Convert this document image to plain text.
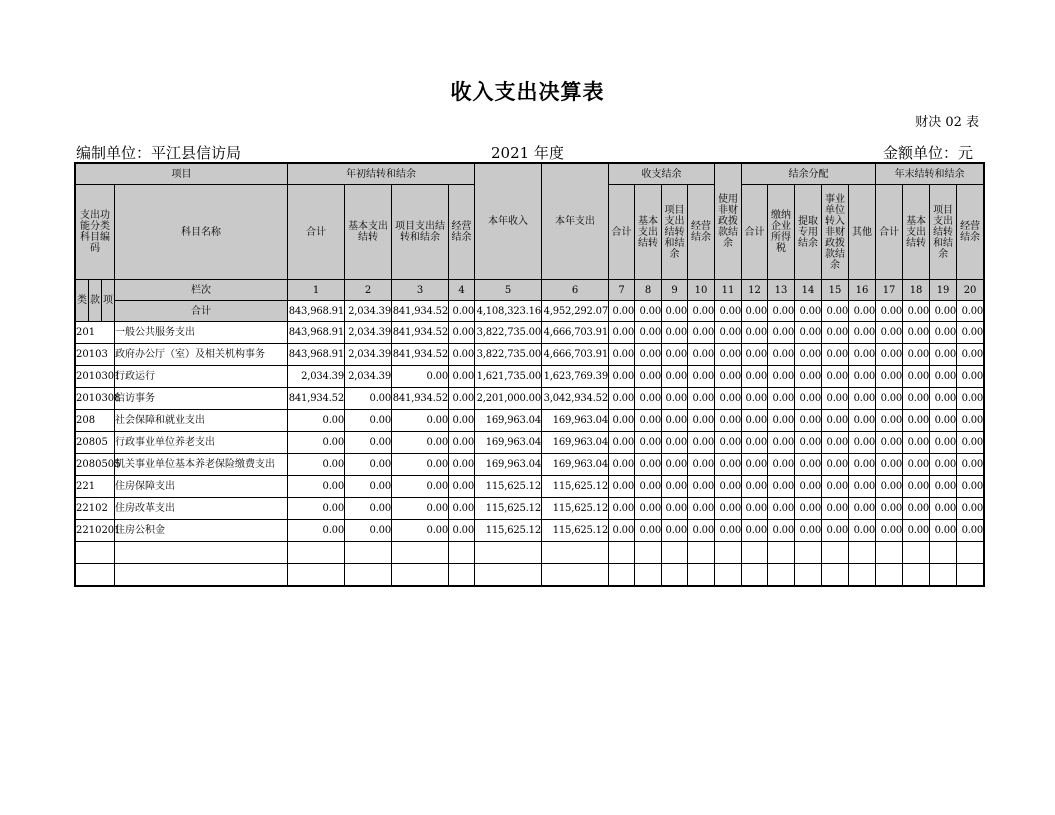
收入支出决算表
财决 02 表
编制单位：平江县信访局	2021 年度	金额单位：元
项目				年初结转和结余				本年收入	本年支出	收支结余				使用非财政拨款结余	结余分配					年末结转和结余			
支出功能分类科目编码			科目名称	合计	基本支出结转	项目支出结转和结余	经营结余			合计	基本支出结转	项目支出结转和结余	经营结余		合计	缴纳企业所得税	提取专用结余	事业单位转入非财政拨款结余	其他	合计	基本支出结转	项目支出结转和结余	经营结余
类	款	项	栏次	1	2	3	4	5	6	7	8	9	10	11	12	13	14	15	16	17	18	19	20
			合计	843,968.91	2,034.39	841,934.52	0.00	4,108,323.16	4,952,292.07	0.00	0.00	0.00	0.00	0.00	0.00	0.00	0.00	0.00	0.00	0.00	0.00	0.00	0.00
201			一般公共服务支出	843,968.91	2,034.39	841,934.52	0.00	3,822,735.00	4,666,703.91	0.00	0.00	0.00	0.00	0.00	0.00	0.00	0.00	0.00	0.00	0.00	0.00	0.00	0.00
20103			政府办公厅（室）及相关机构事务	843,968.91	2,034.39	841,934.52	0.00	3,822,735.00	4,666,703.91	0.00	0.00	0.00	0.00	0.00	0.00	0.00	0.00	0.00	0.00	0.00	0.00	0.00	0.00
2010301			行政运行	2,034.39	2,034.39	0.00	0.00	1,621,735.00	1,623,769.39	0.00	0.00	0.00	0.00	0.00	0.00	0.00	0.00	0.00	0.00	0.00	0.00	0.00	0.00
2010308			信访事务	841,934.52	0.00	841,934.52	0.00	2,201,000.00	3,042,934.52	0.00	0.00	0.00	0.00	0.00	0.00	0.00	0.00	0.00	0.00	0.00	0.00	0.00	0.00
208			社会保障和就业支出	0.00	0.00	0.00	0.00	169,963.04	169,963.04	0.00	0.00	0.00	0.00	0.00	0.00	0.00	0.00	0.00	0.00	0.00	0.00	0.00	0.00
20805			行政事业单位养老支出	0.00	0.00	0.00	0.00	169,963.04	169,963.04	0.00	0.00	0.00	0.00	0.00	0.00	0.00	0.00	0.00	0.00	0.00	0.00	0.00	0.00
2080505			机关事业单位基本养老保险缴费支出	0.00	0.00	0.00	0.00	169,963.04	169,963.04	0.00	0.00	0.00	0.00	0.00	0.00	0.00	0.00	0.00	0.00	0.00	0.00	0.00	0.00
221			住房保障支出	0.00	0.00	0.00	0.00	115,625.12	115,625.12	0.00	0.00	0.00	0.00	0.00	0.00	0.00	0.00	0.00	0.00	0.00	0.00	0.00	0.00
22102			住房改革支出	0.00	0.00	0.00	0.00	115,625.12	115,625.12	0.00	0.00	0.00	0.00	0.00	0.00	0.00	0.00	0.00	0.00	0.00	0.00	0.00	0.00
2210201			住房公积金	0.00	0.00	0.00	0.00	115,625.12	115,625.12	0.00	0.00	0.00	0.00	0.00	0.00	0.00	0.00	0.00	0.00	0.00	0.00	0.00	0.00
